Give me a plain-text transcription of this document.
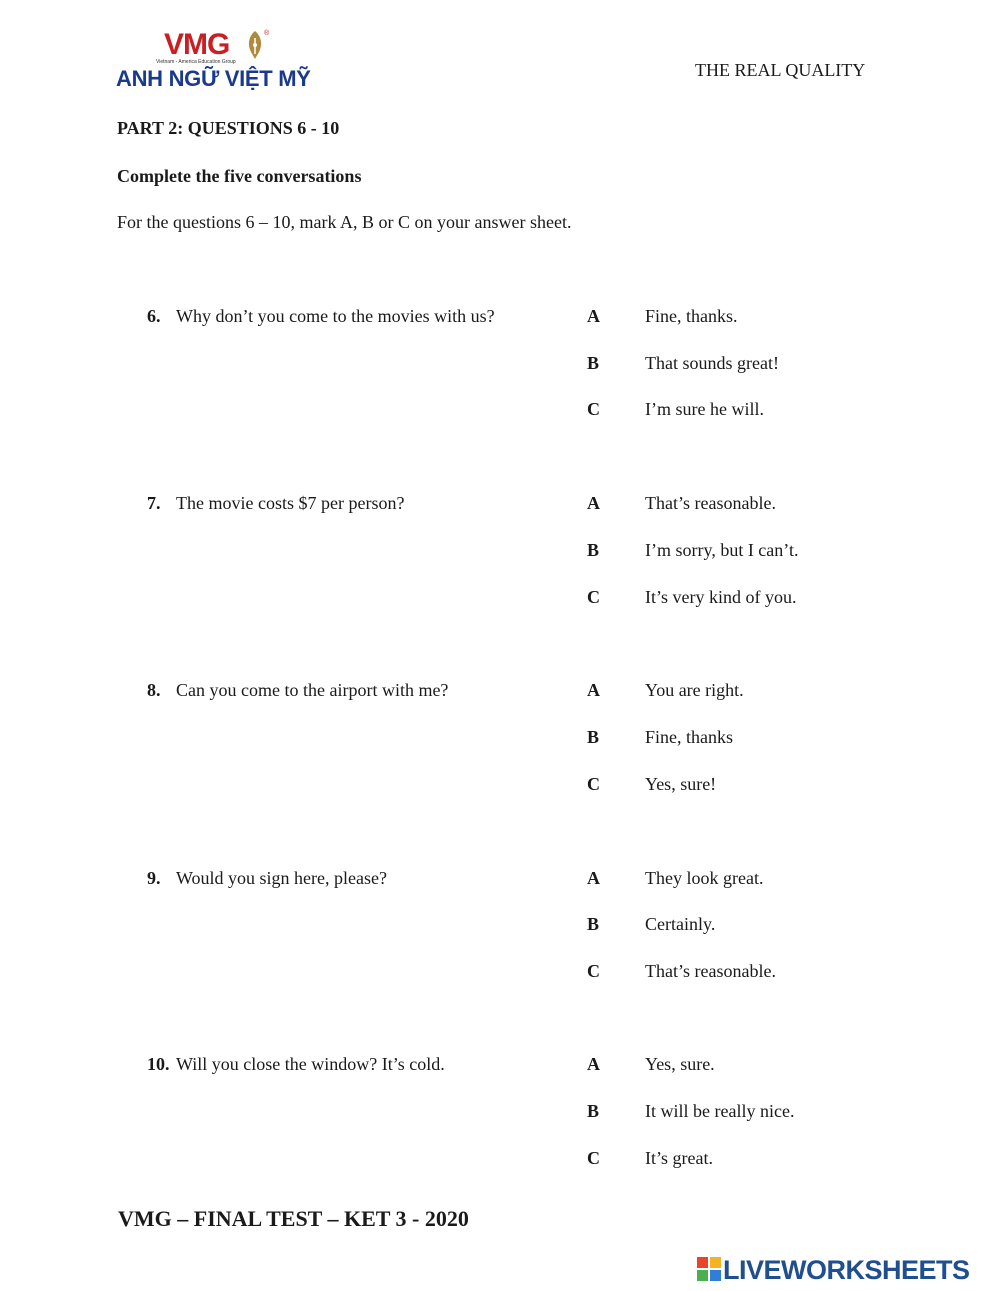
VMG	®
Vietnam - America Education Group
ANH NGỮ VIỆT MỸ	THE REAL QUALITY
PART 2: QUESTIONS 6 - 10
Complete the five conversations
For the questions 6 – 10, mark A, B or C on your answer sheet.
6. Why don’t you come to the movies with us?	A	Fine, thanks.
B	That sounds great!
C	I’m sure he will.
7. The movie costs $7 per person?	A	That’s reasonable.
B	I’m sorry, but I can’t.
C	It’s very kind of you.
8. Can you come to the airport with me?	A	You are right.
B	Fine, thanks
C	Yes, sure!
9. Would you sign here, please?	A	They look great.
B	Certainly.
C	That’s reasonable.
10. Will you close the window? It’s cold.	A	Yes, sure.
B	It will be really nice.
C	It’s great.
VMG – FINAL TEST – KET 3 - 2020
LIVEWORKSHEETS
